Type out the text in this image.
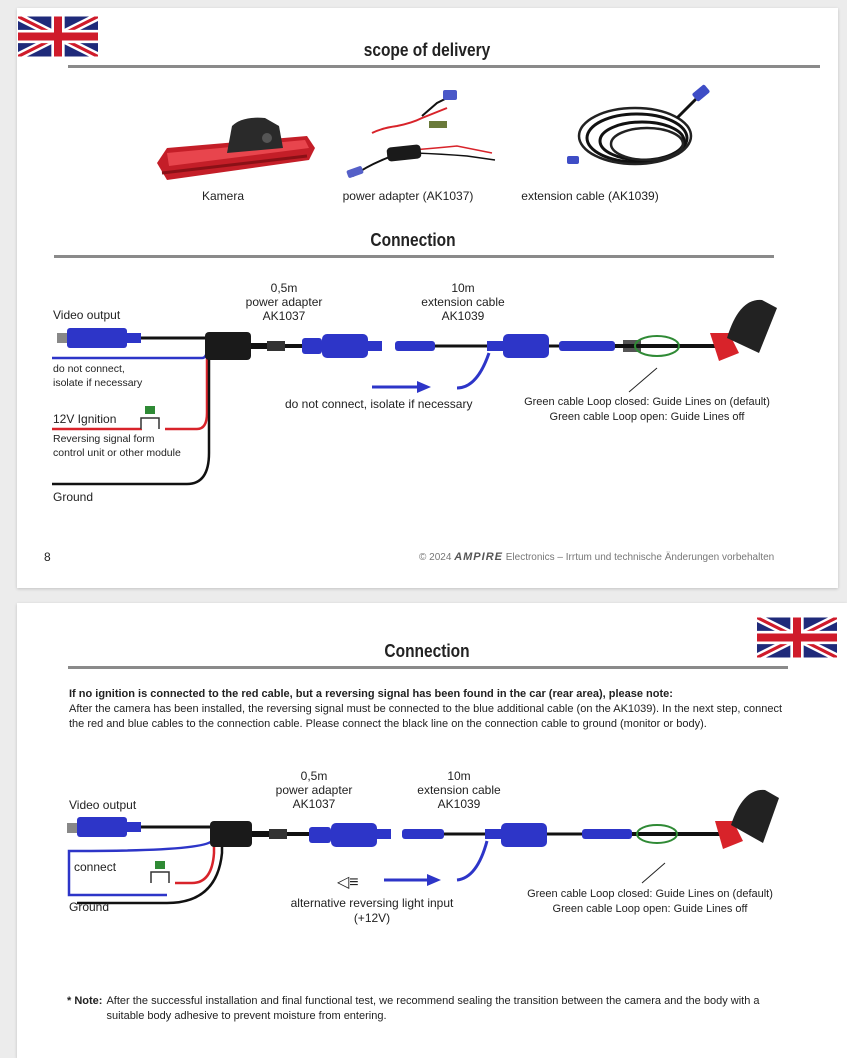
scope of delivery
Kamera	power adapter (AK1037)	extension cable (AK1039)
Connection
0,5m
power adapter
AK1037
10m
extension cable
AK1039
Video output
do not connect,
isolate if necessary
12V Ignition
Reversing signal form
control unit or other module
Ground
do not connect, isolate if necessary	Green cable Loop closed: Guide Lines on (default)
Green cable Loop open: Guide Lines off
8	© 2024 AMPIRE Electronics – Irrtum und technische Änderungen vorbehalten
Connection
If no ignition is connected to the red cable, but a reversing signal has been found in the car (rear area), please note:
After the camera has been installed, the reversing signal must be connected to the blue additional cable (on the AK1039). In the next step, connect the red and blue cables to the connection cable. Please connect the black line on the connection cable to ground (monitor or body).
◁≡
0,5m
power adapter
AK1037
10m
extension cable
AK1039
Video output
connect
Ground	alternative reversing light input
(+12V)
Green cable Loop closed: Guide Lines on (default)
Green cable Loop open: Guide Lines off
* Note: After the successful installation and final functional test, we recommend sealing the transition between the camera and the body with a suitable body adhesive to prevent moisture from entering.
